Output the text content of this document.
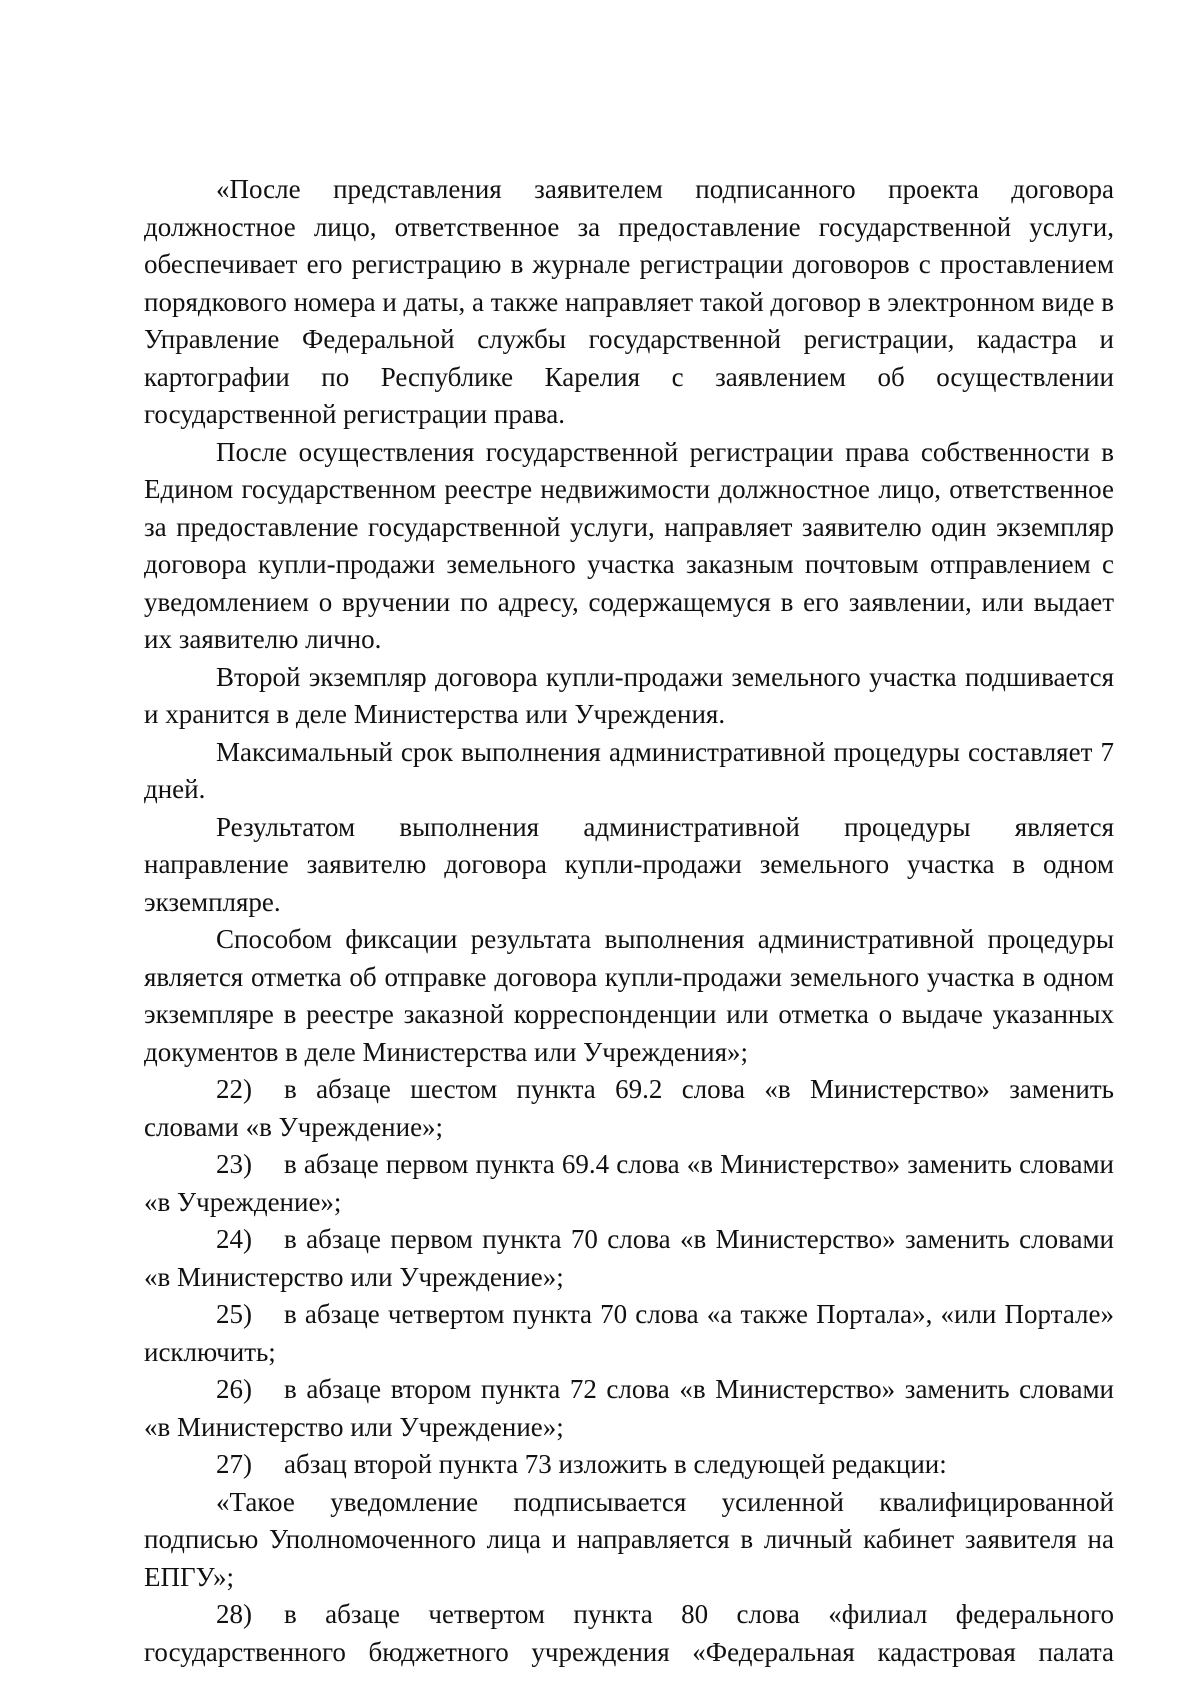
«После представления заявителем подписанного проекта договора должностное лицо, ответственное за предоставление государственной услуги, обеспечивает его регистрацию в журнале регистрации договоров с проставлением порядкового номера и даты, а также направляет такой договор в электронном виде в Управление Федеральной службы государственной регистрации, кадастра и картографии по Республике Карелия с заявлением об осуществлении государственной регистрации права.

После осуществления государственной регистрации права собственности в Едином государственном реестре недвижимости должностное лицо, ответственное за предоставление государственной услуги, направляет заявителю один экземпляр договора купли-продажи земельного участка заказным почтовым отправлением с уведомлением о вручении по адресу, содержащемуся в его заявлении, или выдает их заявителю лично.

Второй экземпляр договора купли-продажи земельного участка подшивается и хранится в деле Министерства или Учреждения.

Максимальный срок выполнения административной процедуры составляет 7 дней.

Результатом выполнения административной процедуры является направление заявителю договора купли-продажи земельного участка в одном экземпляре.

Способом фиксации результата выполнения административной процедуры является отметка об отправке договора купли-продажи земельного участка в одном экземпляре в реестре заказной корреспонденции или отметка о выдаче указанных документов в деле Министерства или Учреждения»;

22) в абзаце шестом пункта 69.2 слова «в Министерство» заменить словами «в Учреждение»;

23) в абзаце первом пункта 69.4 слова «в Министерство» заменить словами «в Учреждение»;

24) в абзаце первом пункта 70 слова «в Министерство» заменить словами «в Министерство или Учреждение»;

25) в абзаце четвертом пункта 70 слова «а также Портала», «или Портале» исключить;

26) в абзаце втором пункта 72 слова «в Министерство» заменить словами «в Министерство или Учреждение»;

27) абзац второй пункта 73 изложить в следующей редакции:

«Такое уведомление подписывается усиленной квалифицированной подписью Уполномоченного лица и направляется в личный кабинет заявителя на ЕПГУ»;

28) в абзаце четвертом пункта 80 слова «филиал федерального государственного бюджетного учреждения «Федеральная кадастровая палата
